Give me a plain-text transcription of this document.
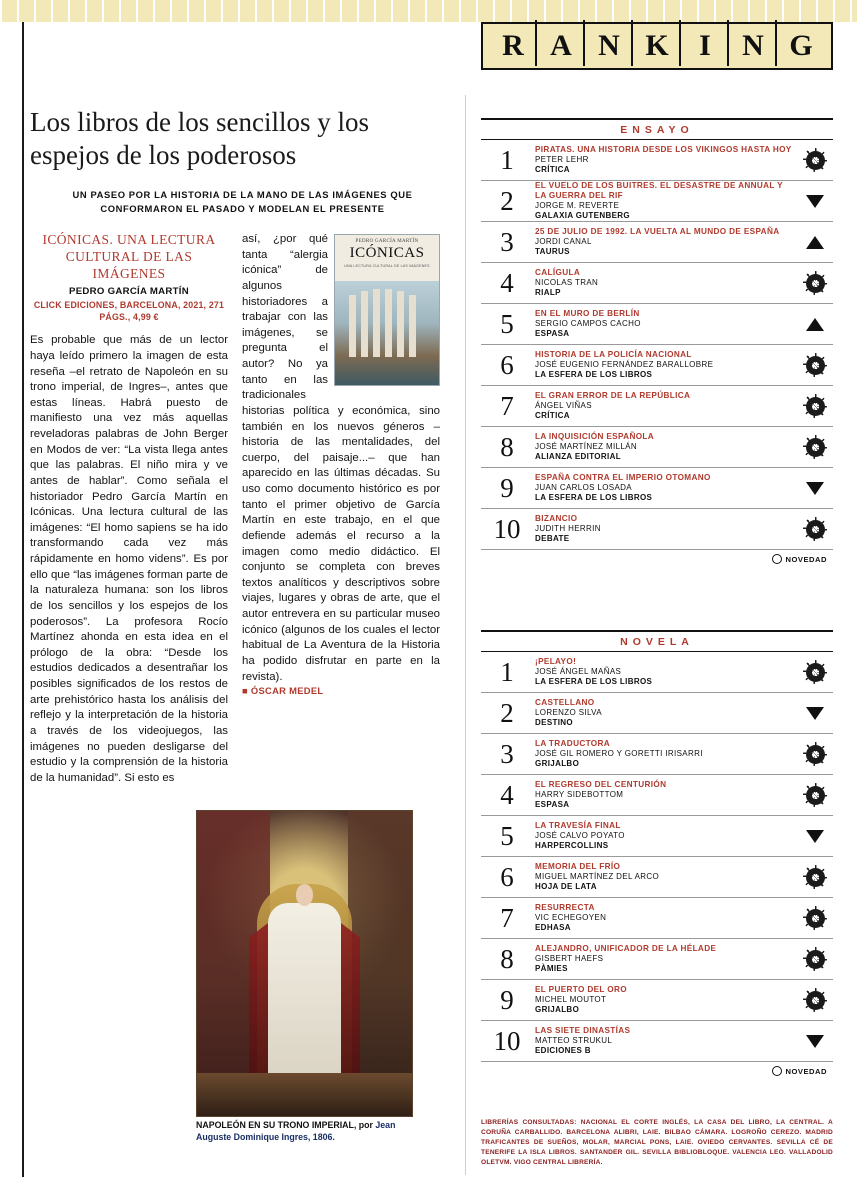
R A N K	I	N G
Los libros de los sencillos y los espejos de los poderosos
UN PASEO POR LA HISTORIA DE LA MANO DE LAS IMÁGENES QUE CONFORMARON EL PASADO Y MODELAN EL PRESENTE
ICÓNICAS. UNA LECTURA CULTURAL DE LAS IMÁGENES
PEDRO GARCÍA MARTÍN
CLICK EDICIONES, BARCELONA, 2021, 271 PÁGS., 4,99 €
Es probable que más de un lector haya leído primero la imagen de esta reseña –el retrato de Napoleón en su trono imperial, de Ingres–, antes que estas líneas. Habrá puesto de manifiesto una vez más aquellas reveladoras palabras de John Berger en Modos de ver: “La vista llega antes que las palabras. El niño mira y ve antes de hablar”. Como señala el historiador Pedro García Martín en Icónicas. Una lectura cultural de las imágenes: “El homo sapiens se ha ido transformando cada vez más rápidamente en homo videns”. Es por ello que “las imágenes forman parte de la naturaleza humana: son los libros de los sencillos y los espejos de los poderosos”. La profesora Rocío Martínez ahonda en esta idea en el prólogo de la obra: “Desde los estudios dedicados a desentrañar los posibles significados de los restos de arte prehistórico hasta los análisis del reflejo y la interpretación de la historia a través de los videojuegos, las imágenes no pueden desligarse del estudio y la comprensión de la historia de la humanidad”. Si esto es
PEDRO GARCÍA MARTÍN
ICÓNICAS
UNA LECTURA CULTURAL DE LAS IMÁGENES
así, ¿por qué tanta “alergia icónica” de algunos historiadores a trabajar con las imágenes, se pregunta el autor? No ya tanto en las tradicionales historias política y económica, sino también en los nuevos géneros –historia de las mentalidades, del cuerpo, del paisaje...– que han aparecido en las últimas décadas. Su uso como documento histórico es por tanto el primer objetivo de García Martín en este trabajo, en el que defiende además el recurso a la imagen como medio didáctico. El conjunto se completa con breves textos analíticos y descriptivos sobre viajes, lugares y obras de arte, que el autor entrevera en su particular museo icónico (algunos de los cuales el lector habitual de La Aventura de la Historia ha podido disfrutar en parte en la revista).
■ ÓSCAR MEDEL
NAPOLEÓN EN SU TRONO IMPERIAL, por Jean Auguste Dominique Ingres, 1806.
ENSAYO
1	PIRATAS. UNA HISTORIA DESDE LOS VIKINGOS HASTA HOY
PETER LEHR
CRÍTICA
2
EL VUELO DE LOS BUITRES. EL DESASTRE DE ANNUAL Y LA GUERRA DEL RIF
JORGE M. REVERTE
GALAXIA GUTENBERG
3	25 DE JULIO DE 1992. LA VUELTA AL MUNDO DE ESPAÑA
JORDI CANAL
TAURUS
4	CALÍGULA
NICOLAS TRAN
RIALP
5	EN EL MURO DE BERLÍN
SERGIO CAMPOS CACHO
ESPASA
6	HISTORIA DE LA POLICÍA NACIONAL
JOSÉ EUGENIO FERNÁNDEZ BARALLOBRE
LA ESFERA DE LOS LIBROS
7	EL GRAN ERROR DE LA REPÚBLICA
ÁNGEL VIÑAS
CRÍTICA
8	LA INQUISICIÓN ESPAÑOLA
JOSÉ MARTÍNEZ MILLÁN
ALIANZA EDITORIAL
9	ESPAÑA CONTRA EL IMPERIO OTOMANO
JUAN CARLOS LOSADA
LA ESFERA DE LOS LIBROS
10	BIZANCIO
JUDITH HERRIN
DEBATE
NOVEDAD
NOVELA
1	¡PELAYO!
JOSÉ ÁNGEL MAÑAS
LA ESFERA DE LOS LIBROS
2	CASTELLANO
LORENZO SILVA
DESTINO
3	LA TRADUCTORA
JOSÉ GIL ROMERO Y GORETTI IRISARRI
GRIJALBO
4	EL REGRESO DEL CENTURIÓN
HARRY SIDEBOTTOM
ESPASA
5	LA TRAVESÍA FINAL
JOSÉ CALVO POYATO
HARPERCOLLINS
6	MEMORIA DEL FRÍO
MIGUEL MARTÍNEZ DEL ARCO
HOJA DE LATA
7	RESURRECTA
VIC ECHEGOYEN
EDHASA
8	ALEJANDRO, UNIFICADOR DE LA HÉLADE
GISBERT HAEFS
PÀMIES
9	EL PUERTO DEL ORO
MICHEL MOUTOT
GRIJALBO
10	LAS SIETE DINASTÍAS
MATTEO STRUKUL
EDICIONES B
NOVEDAD
LIBRERÍAS CONSULTADAS: NACIONAL EL CORTE INGLÉS, LA CASA DEL LIBRO, LA CENTRAL. A CORUÑA CARBALLIDO. BARCELONA ALIBRI, LAIE. BILBAO CÁMARA. LOGROÑO CEREZO. MADRID TRAFICANTES DE SUEÑOS, MOLAR, MARCIAL PONS, LAIE. OVIEDO CERVANTES. SEVILLA CÉ DE TENERIFE LA ISLA LIBROS. SANTANDER GIL. SEVILLA BIBLIOBLOQUE. VALENCIA LEO. VALLADOLID OLETVM. VIGO CENTRAL LIBRERÍA.
